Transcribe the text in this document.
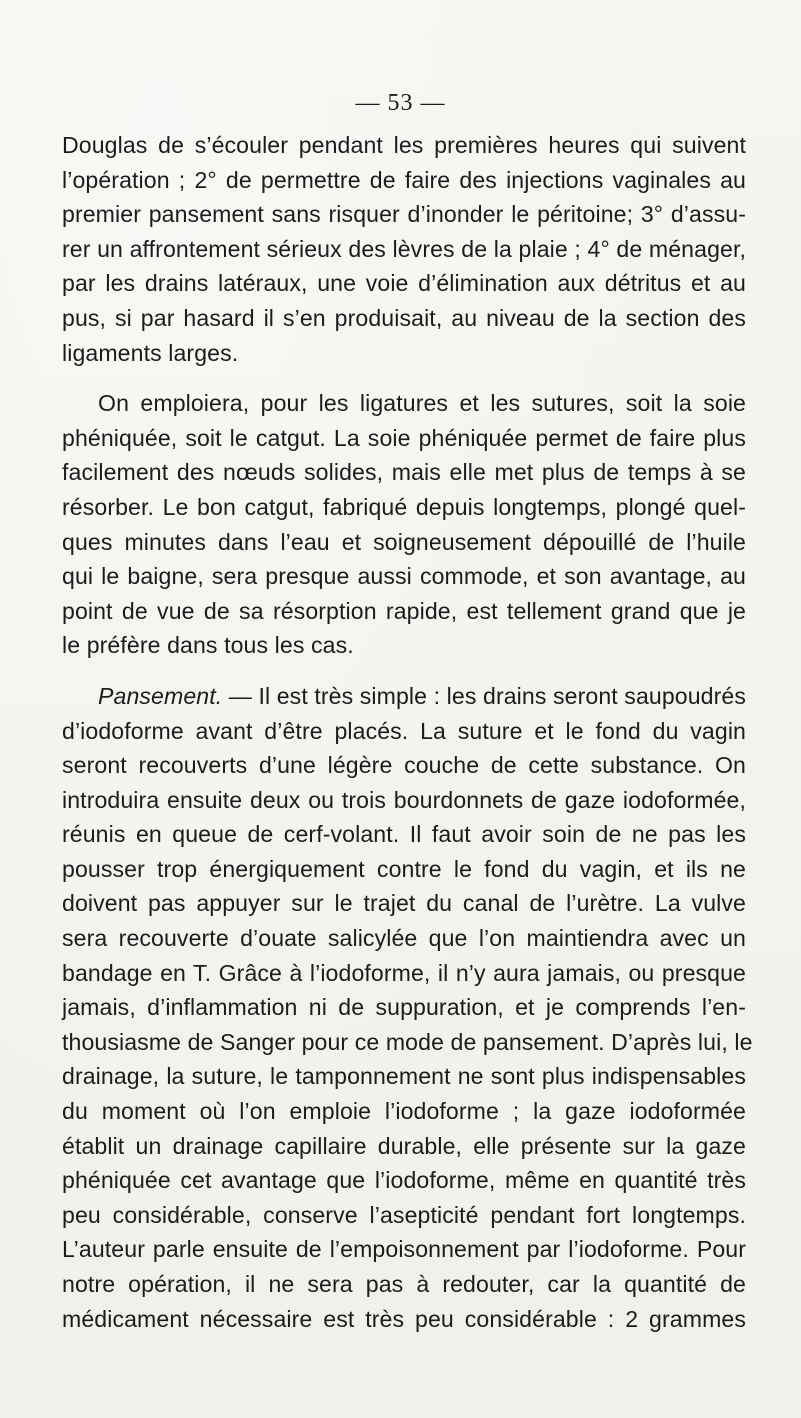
— 53 —
Douglas de s’écouler pendant les premières heures qui suivent
l’opération ; 2° de permettre de faire des injections vaginales au
premier pansement sans risquer d’inonder le péritoine; 3° d’assu-
rer un affrontement sérieux des lèvres de la plaie ; 4° de ménager,
par les drains latéraux, une voie d’élimination aux détritus et au
pus, si par hasard il s’en produisait, au niveau de la section des
ligaments larges.
On emploiera, pour les ligatures et les sutures, soit la soie
phéniquée, soit le catgut. La soie phéniquée permet de faire plus
facilement des nœuds solides, mais elle met plus de temps à se
résorber. Le bon catgut, fabriqué depuis longtemps, plongé quel-
ques minutes dans l’eau et soigneusement dépouillé de l’huile
qui le baigne, sera presque aussi commode, et son avantage, au
point de vue de sa résorption rapide, est tellement grand que je
le préfère dans tous les cas.
Pansement. — Il est très simple : les drains seront saupoudrés
d’iodoforme avant d’être placés. La suture et le fond du vagin
seront recouverts d’une légère couche de cette substance. On
introduira ensuite deux ou trois bourdonnets de gaze iodoformée,
réunis en queue de cerf-volant. Il faut avoir soin de ne pas les
pousser trop énergiquement contre le fond du vagin, et ils ne
doivent pas appuyer sur le trajet du canal de l’urètre. La vulve
sera recouverte d’ouate salicylée que l’on maintiendra avec un
bandage en T. Grâce à l’iodoforme, il n’y aura jamais, ou presque
jamais, d’inflammation ni de suppuration, et je comprends l’en-
thousiasme de Sanger pour ce mode de pansement. D’après lui, le
drainage, la suture, le tamponnement ne sont plus indispensables
du moment où l’on emploie l’iodoforme ; la gaze iodoformée
établit un drainage capillaire durable, elle présente sur la gaze
phéniquée cet avantage que l’iodoforme, même en quantité très
peu considérable, conserve l’asepticité pendant fort longtemps.
L’auteur parle ensuite de l’empoisonnement par l’iodoforme. Pour
notre opération, il ne sera pas à redouter, car la quantité de
médicament nécessaire est très peu considérable : 2 grammes
